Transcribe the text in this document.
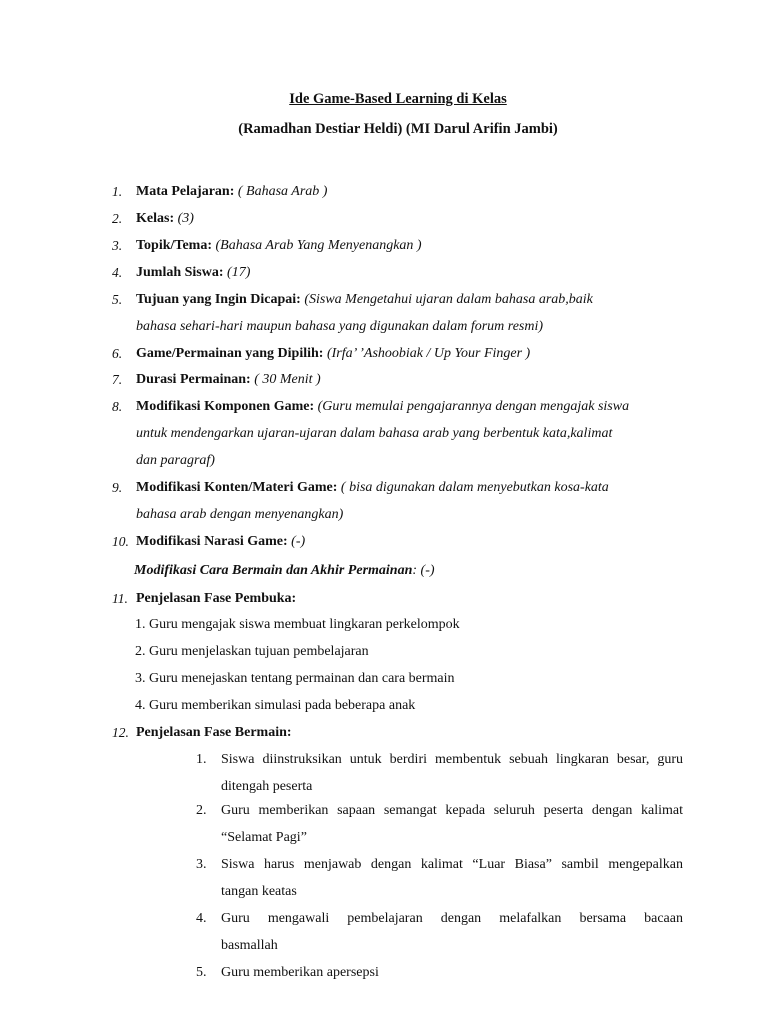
Ide Game-Based Learning di Kelas
(Ramadhan Destiar Heldi) (MI Darul Arifin Jambi)
1. Mata Pelajaran: ( Bahasa Arab )
2. Kelas: (3)
3. Topik/Tema: (Bahasa Arab Yang Menyenangkan )
4. Jumlah Siswa: (17)
5. Tujuan yang Ingin Dicapai: (Siswa Mengetahui ujaran dalam bahasa arab,baik
bahasa sehari-hari maupun bahasa yang digunakan dalam forum resmi)
6. Game/Permainan yang Dipilih: (Irfa’ ’Ashoobiak / Up Your Finger )
7. Durasi Permainan: ( 30 Menit )
8. Modifikasi Komponen Game: (Guru memulai pengajarannya dengan mengajak siswa
untuk mendengarkan ujaran-ujaran dalam bahasa arab yang berbentuk kata,kalimat
dan paragraf)
9. Modifikasi Konten/Materi Game: ( bisa digunakan dalam menyebutkan kosa-kata
bahasa arab dengan menyenangkan)
10. Modifikasi Narasi Game: (-)
Modifikasi Cara Bermain dan Akhir Permainan: (-)
11. Penjelasan Fase Pembuka:
1. Guru mengajak siswa membuat lingkaran perkelompok
2. Guru menjelaskan tujuan pembelajaran
3. Guru menejaskan tentang permainan dan cara bermain
4. Guru memberikan simulasi pada beberapa anak
12. Penjelasan Fase Bermain:
1. Siswa diinstruksikan untuk berdiri membentuk sebuah lingkaran besar, guru
ditengah peserta
2. Guru memberikan sapaan semangat kepada seluruh peserta dengan kalimat
“Selamat Pagi”
3. Siswa harus menjawab dengan kalimat “Luar Biasa” sambil mengepalkan
tangan keatas
4. Guru mengawali pembelajaran dengan melafalkan bersama bacaan
basmallah
5. Guru memberikan apersepsi
